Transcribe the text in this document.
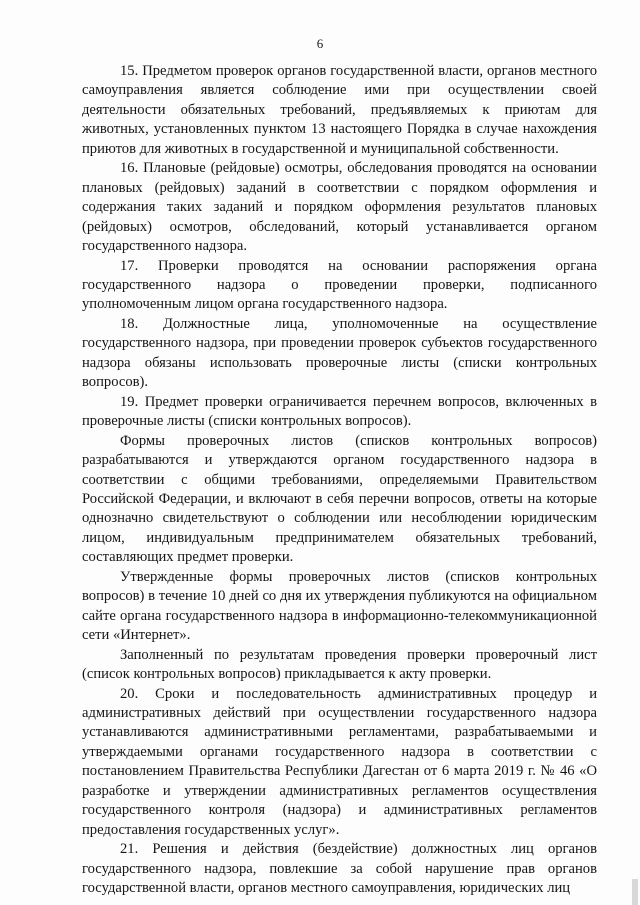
6

15. Предметом проверок органов государственной власти, органов местного самоуправления является соблюдение ими при осуществлении своей деятельности обязательных требований, предъявляемых к приютам для животных, установленных пунктом 13 настоящего Порядка в случае нахождения приютов для животных в государственной и муниципальной собственности.

16. Плановые (рейдовые) осмотры, обследования проводятся на основании плановых (рейдовых) заданий в соответствии с порядком оформления и содержания таких заданий и порядком оформления результатов плановых (рейдовых) осмотров, обследований, который устанавливается органом государственного надзора.

17. Проверки проводятся на основании распоряжения органа государственного надзора о проведении проверки, подписанного уполномоченным лицом органа государственного надзора.

18. Должностные лица, уполномоченные на осуществление государственного надзора, при проведении проверок субъектов государственного надзора обязаны использовать проверочные листы (списки контрольных вопросов).

19. Предмет проверки ограничивается перечнем вопросов, включенных в проверочные листы (списки контрольных вопросов).

Формы проверочных листов (списков контрольных вопросов) разрабатываются и утверждаются органом государственного надзора в соответствии с общими требованиями, определяемыми Правительством Российской Федерации, и включают в себя перечни вопросов, ответы на которые однозначно свидетельствуют о соблюдении или несоблюдении юридическим лицом, индивидуальным предпринимателем обязательных требований, составляющих предмет проверки.

Утвержденные формы проверочных листов (списков контрольных вопросов) в течение 10 дней со дня их утверждения публикуются на официальном сайте органа государственного надзора в информационно-телекоммуникационной сети «Интернет».

Заполненный по результатам проведения проверки проверочный лист (список контрольных вопросов) прикладывается к акту проверки.

20. Сроки и последовательность административных процедур и административных действий при осуществлении государственного надзора устанавливаются административными регламентами, разрабатываемыми и утверждаемыми органами государственного надзора в соответствии с постановлением Правительства Республики Дагестан от 6 марта 2019 г. № 46 «О разработке и утверждении административных регламентов осуществления государственного контроля (надзора) и административных регламентов предоставления государственных услуг».

21. Решения и действия (бездействие) должностных лиц органов государственного надзора, повлекшие за собой нарушение прав органов государственной власти, органов местного самоуправления, юридических лиц
